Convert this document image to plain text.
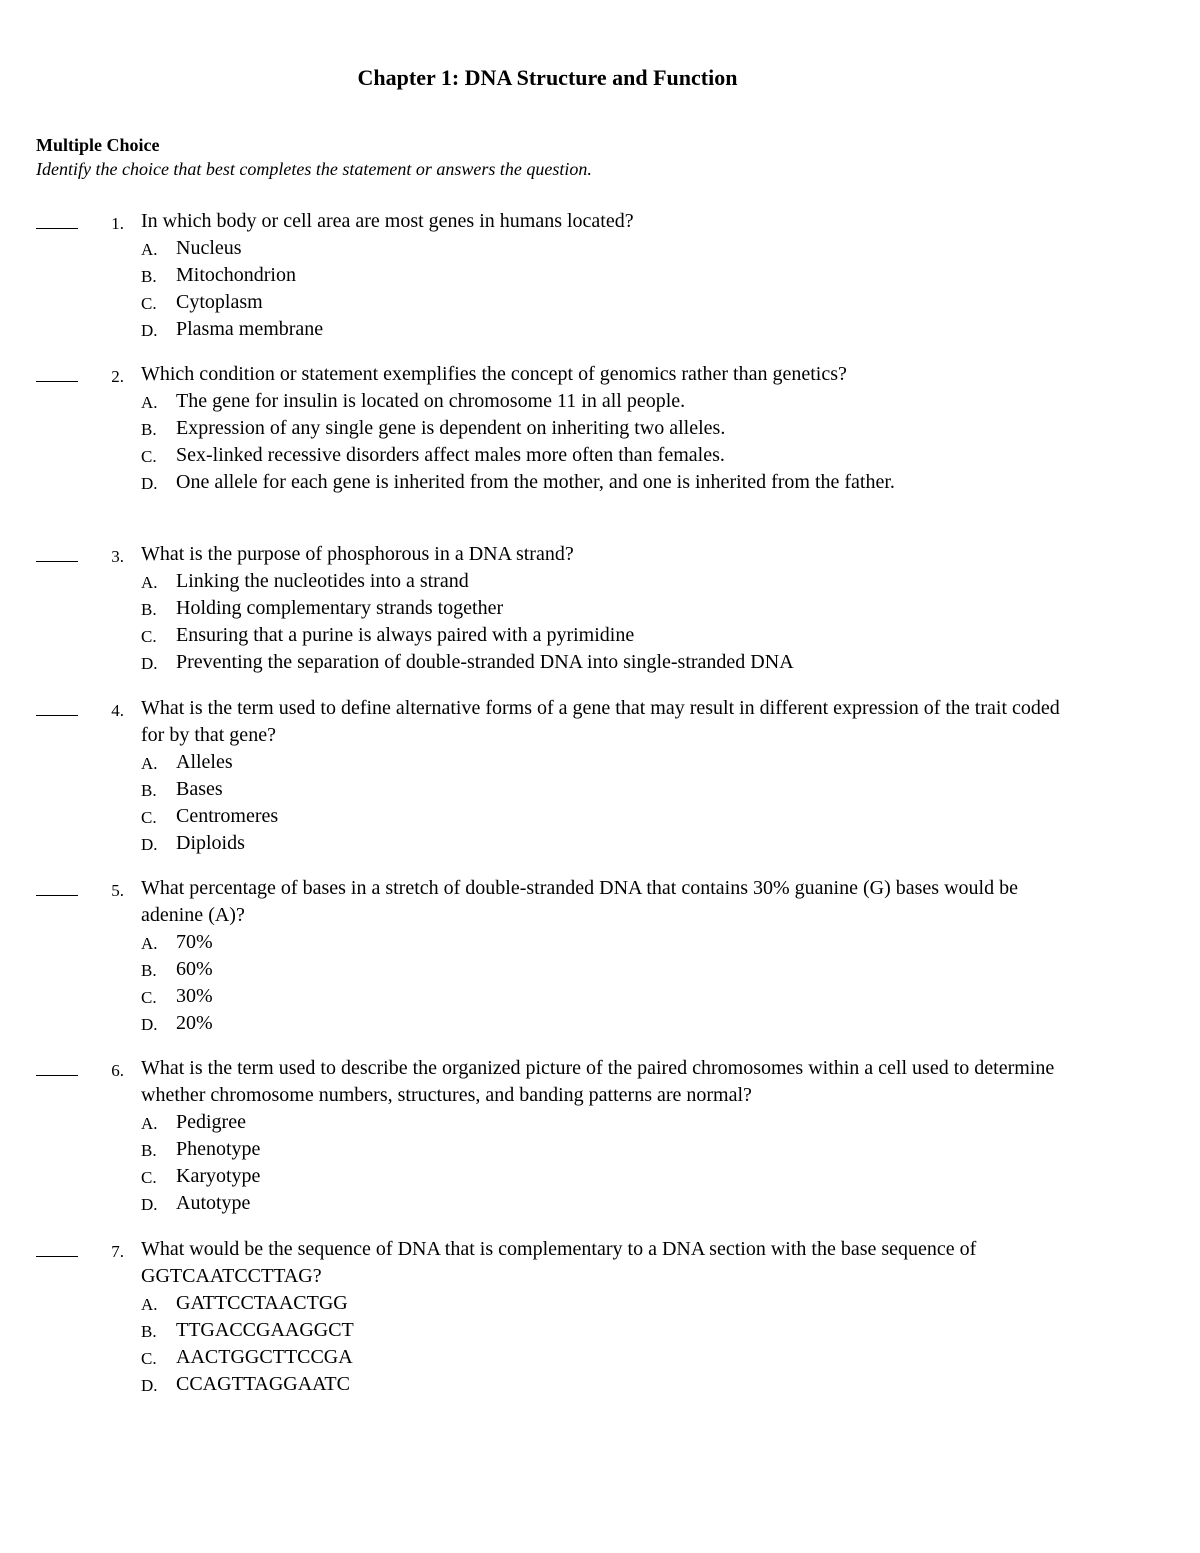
Chapter 1: DNA Structure and Function
Multiple Choice
Identify the choice that best completes the statement or answers the question.
1. In which body or cell area are most genes in humans located?
A. Nucleus
B. Mitochondrion
C. Cytoplasm
D. Plasma membrane
2. Which condition or statement exemplifies the concept of genomics rather than genetics?
A. The gene for insulin is located on chromosome 11 in all people.
B. Expression of any single gene is dependent on inheriting two alleles.
C. Sex-linked recessive disorders affect males more often than females.
D. One allele for each gene is inherited from the mother, and one is inherited from the father.
3. What is the purpose of phosphorous in a DNA strand?
A. Linking the nucleotides into a strand
B. Holding complementary strands together
C. Ensuring that a purine is always paired with a pyrimidine
D. Preventing the separation of double-stranded DNA into single-stranded DNA
4. What is the term used to define alternative forms of a gene that may result in different expression of the trait coded for by that gene?
A. Alleles
B. Bases
C. Centromeres
D. Diploids
5. What percentage of bases in a stretch of double-stranded DNA that contains 30% guanine (G) bases would be adenine (A)?
A. 70%
B. 60%
C. 30%
D. 20%
6. What is the term used to describe the organized picture of the paired chromosomes within a cell used to determine whether chromosome numbers, structures, and banding patterns are normal?
A. Pedigree
B. Phenotype
C. Karyotype
D. Autotype
7. What would be the sequence of DNA that is complementary to a DNA section with the base sequence of GGTCAATCCTTAG?
A. GATTCCTAACTGG
B. TTGACCGAAGGCT
C. AACTGGCTTCCGA
D. CCAGTTAGGAATC
